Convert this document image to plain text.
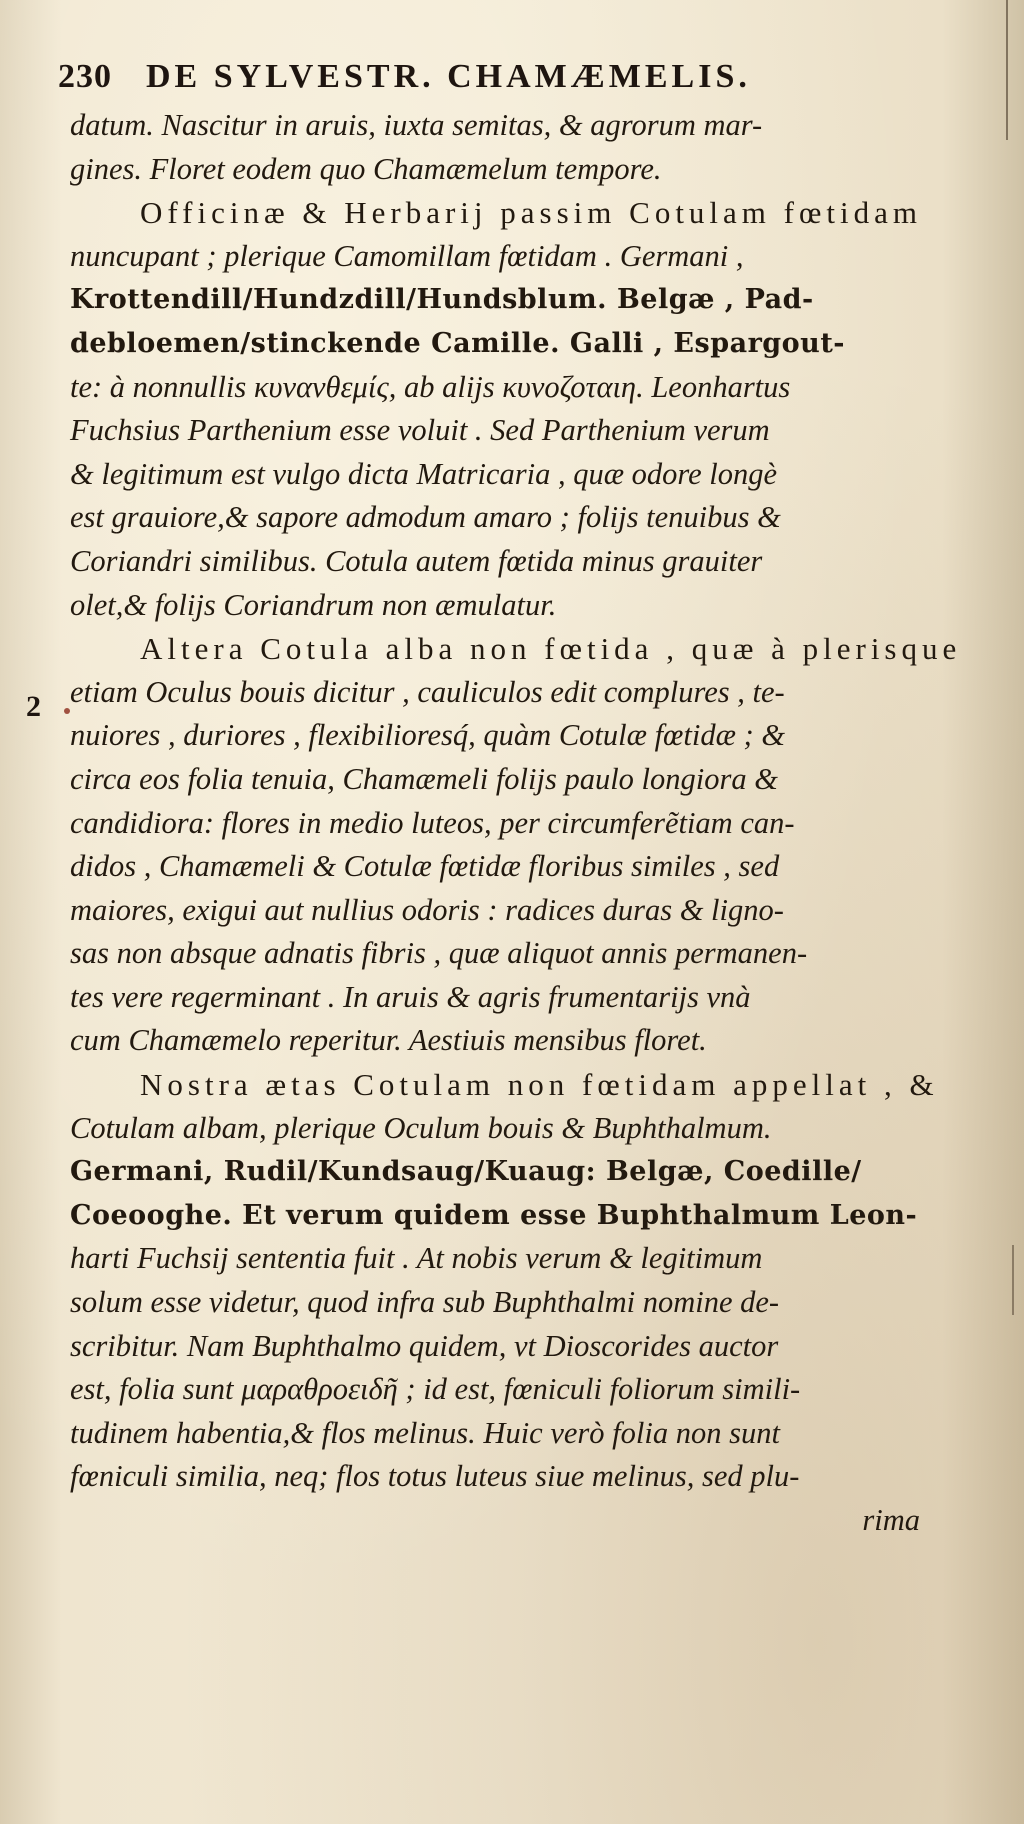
230 DE SYLVESTR. CHAMÆMELIS.
2
datum. Nascitur in aruis, iuxta semitas, & agrorum mar-
gines. Floret eodem quo Chamæmelum tempore.
Officinæ & Herbarij passim Cotulam fœtidam
nuncupant ; plerique Camomillam fœtidam . Germani ,
Krottendill/Hundzdill/Hundsblum. Belgæ , Pad-
debloemen/stinckende Camille. Galli , Espargout-
te: à nonnullis κυνανθεμίς, ab alijs κυνοζοταιη. Leonhartus
Fuchsius Parthenium esse voluit . Sed Parthenium verum
& legitimum est vulgo dicta Matricaria , quæ odore longè
est grauiore,& sapore admodum amaro ; folijs tenuibus &
Coriandri similibus. Cotula autem fœtida minus grauiter
olet,& folijs Coriandrum non æmulatur.
Altera Cotula alba non fœtida , quæ à plerisque
etiam Oculus bouis dicitur , cauliculos edit complures , te-
nuiores , duriores , flexibilioresq́, quàm Cotulæ fœtidæ ; &
circa eos folia tenuia, Chamæmeli folijs paulo longiora &
candidiora: flores in medio luteos, per circumferẽtiam can-
didos , Chamæmeli & Cotulæ fœtidæ floribus similes , sed
maiores, exigui aut nullius odoris : radices duras & ligno-
sas non absque adnatis fibris , quæ aliquot annis permanen-
tes vere regerminant . In aruis & agris frumentarijs vnà
cum Chamæmelo reperitur. Aestiuis mensibus floret.
Nostra ætas Cotulam non fœtidam appellat , &
Cotulam albam, plerique Oculum bouis & Buphthalmum.
Germani, Rudil/Kundsaug/Kuaug: Belgæ, Coedille/
Coeooghe. Et verum quidem esse Buphthalmum Leon-
harti Fuchsij sententia fuit . At nobis verum & legitimum
solum esse videtur, quod infra sub Buphthalmi nomine de-
scribitur. Nam Buphthalmo quidem, vt Dioscorides auctor
est, folia sunt μαραθροειδῆ ; id est, fœniculi foliorum simili-
tudinem habentia,& flos melinus. Huic verò folia non sunt
fœniculi similia, neq; flos totus luteus siue melinus, sed plu-
rima
